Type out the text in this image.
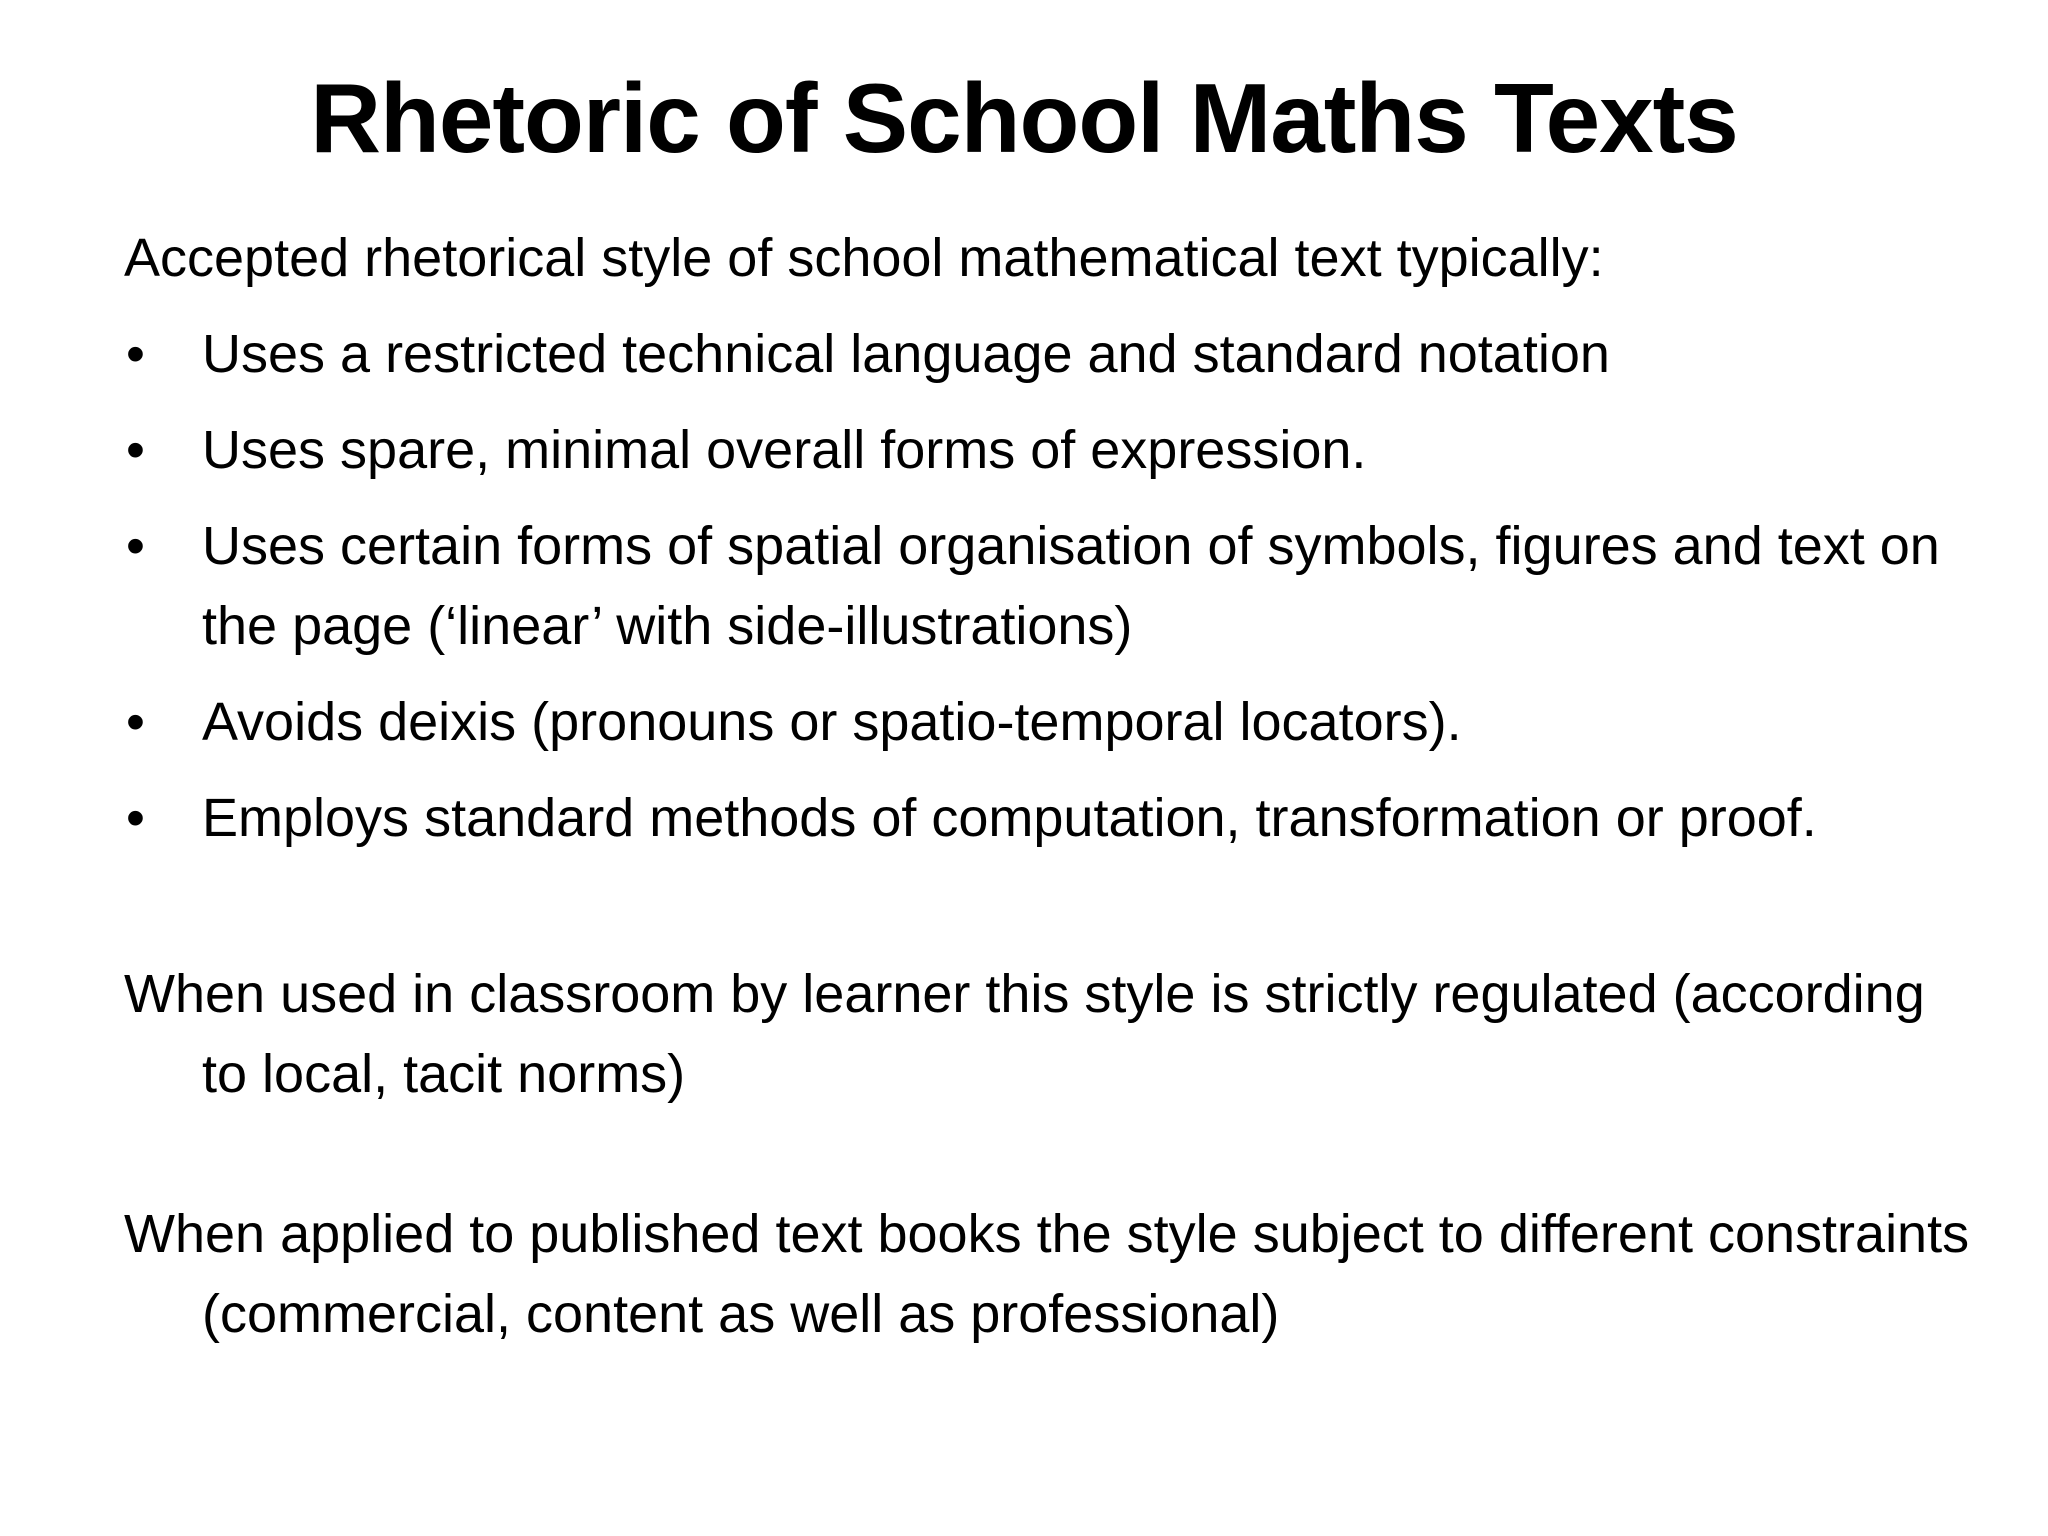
Rhetoric of School Maths Texts

Accepted rhetorical style of school mathematical text typically:

•	Uses a restricted technical language and standard notation
•	Uses spare, minimal overall forms of expression.
•	Uses certain forms of spatial organisation of symbols, figures and text on the page (‘linear’ with side-illustrations)
•	Avoids deixis (pronouns or spatio-temporal locators).
•	Employs standard methods of computation, transformation or proof.

When used in classroom by learner this style is strictly regulated (according to local, tacit norms)

When applied to published text books the style subject to different constraints (commercial, content as well as professional)
